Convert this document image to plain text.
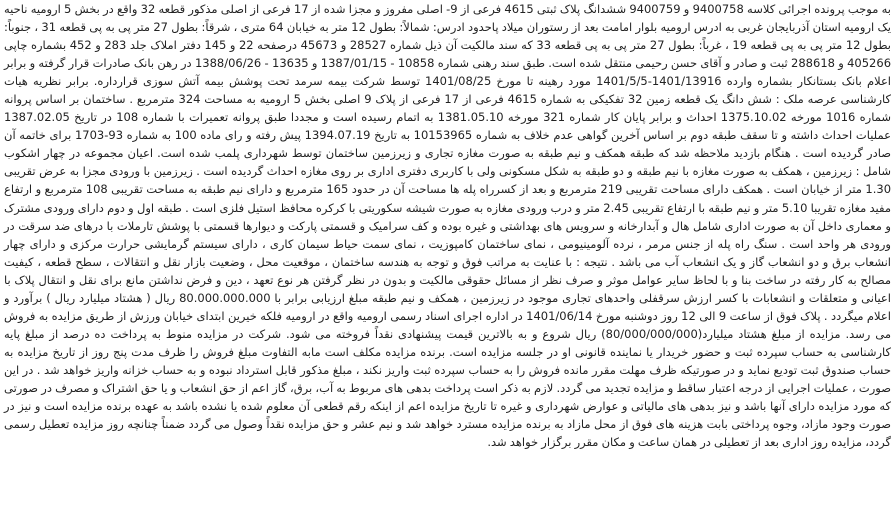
به موجب پرونده اجرائی کلاسه 9400758 و 9400759 ششدانگ پلاک ثبتی 4615 فرعی از 9- اصلی مفروز و مجزا شده از 17 فرعی از اصلی مذکور قطعه 32 واقع در بخش 5 ارومیه ناحیه یک ارومیه استان آذربایجان غربی به ادرس ارومیه بلوار امامت بعد از رستوران میلاد پاحدود ادرس: شمالاً: بطول 12 متر به خیابان 64 متری ، شرقاً: بطول 27 متر پی به پی قطعه 31 ، جنوباً: بطول 12 متر پی به پی قطعه 19 ، غرباً: بطول 27 متر پی به پی قطعه 33 که سند مالکیت آن ذیل شماره 28527 و 45673 درصفحه 22 و 145 دفتر املاک جلد 283 و 452 بشماره چاپی 405266 و 288618 ثبت و صادر و آقای حسن رحیمی منتقل شده است. طبق سند رهنی شماره 10858 - 1387/01/15 و 13635 - 1388/06/26 در رهن بانک صادرات قرار گرفته و برابر اعلام بانک بستانکار بشماره وارده 1401/13916-1401/5/5 مورد رهینه تا مورخ 1401/08/25 توسط شرکت بیمه سرمد تحت پوشش بیمه آتش سوزی قرارداره. برابر نظریه هیات کارشناسی عرصه ملک : شش دانگ یک قطعه زمین 32 تفکیکی به شماره 4615 فرعی از 17 فرعی از پلاک 9 اصلی بخش 5 ارومیه به مساحت 324 مترمربع . ساختمان بر اساس پروانه شماره 1016 مورخه 1375.10.02 احداث و برابر پایان کار شماره 321 مورخه 1381.05.10 به اتمام رسیده است و مجددا طبق پروانه تعمیرات با شماره 108 در تاریخ 1387.02.05 عملیات احداث داشته و تا سقف طبقه دوم بر اساس آخرین گواهی عدم خلاف به شماره 10153965 به تاریخ 1394.07.19 پیش رفته و رای ماده 100 به شماره 93-1703 برای خاتمه آن صادر گردیده است . هنگام بازدید ملاحظه شد که طبقه همکف و نیم طبقه به صورت مغازه تجاری و زیرزمین ساختمان توسط شهرداری پلمب شده است. اعیان مجموعه در چهار اشکوب شامل : زیرزمین ، همکف به صورت مغازه با نیم طبقه و دو طبقه به شکل مسکونی ولی با کاربری دفتری اداری بر روی مغازه احداث گردیده است . زیرزمین با ورودی مجزا به عرض تقریبی 1.30 متر از خیابان است . همکف دارای مساحت تقریبی 219 مترمربع و بعد از کسرراه پله ها مساحت آن در حدود 165 مترمربع و دارای نیم طبقه به مساحت تقریبی 108 مترمربع و ارتفاع مفید مغازه تقریبا 5.10 متر و نیم طبقه با ارتفاع تقریبی 2.45 متر و درب ورودی مغازه به صورت شیشه سکوریتی با کرکره محافظ استیل فلزی است . طبقه اول و دوم دارای ورودی مشترک و معماری داخل آن به صورت اداری شامل هال و آبدارخانه و سرویس های بهداشتی و غیره بوده و کف سرامیک و قسمتی پارکت و دیوارها قسمتی با پوشش تارملات با درهای ضد سرقت در ورودی هر واحد است . سنگ راه پله از جنس مرمر ، نرده آلومینیومی ، نمای ساختمان کامپوزیت ، نمای سمت حیاط سیمان کاری ، دارای سیستم گرمایشی حرارت مرکزی و دارای چهار انشعاب برق و دو انشعاب گاز و یک انشعاب آب می باشد . نتیجه : با عنایت به مراتب فوق و توجه به هندسه ساختمان ، موقعیت محل ، وضعیت بازار نقل و انتقالات ، سطح قطعه ، کیفیت مصالح به کار رفته در ساخت بنا و با لحاظ سایر عوامل موثر و صرف نظر از مسائل حقوقی مالکیت و بدون در نظر گرفتن هر نوع تعهد ، دین و فرض نداشتن مانع برای نقل و انتقال پلاک با اعیانی و متعلقات و انشعابات با کسر ارزش سرقفلی واحدهای تجاری موجود در زیرزمین ، همکف و نیم طبقه مبلغ ارزیابی برابر با 80.000.000.000 ریال ( هشتاد میلیارد ریال ) برآورد و اعلام میگردد . پلاک فوق از ساعت 9 الی 12 روز دوشنبه مورخ 1401/06/14 در اداره اجرای اسناد رسمی ارومیه واقع در ارومیه فلکه خیرین ابتدای خیابان ورزش از طریق مزایده به فروش می رسد. مزایده از مبلغ هشتاد میلیارد(80/000/000/000) ریال شروع و به بالاترین قیمت پیشنهادی نقداً فروخته می شود. شرکت در مزایده منوط به پرداخت ده درصد از مبلغ پایه کارشناسی به حساب سپرده ثبت و حضور خریدار یا نماینده قانونی او در جلسه مزایده است. برنده مزایده مکلف است مابه التفاوت مبلغ فروش را ظرف مدت پنج روز از تاریخ مزایده به حساب صندوق ثبت تودیع نماید و در صورتیکه ظرف مهلت مقرر مانده فروش را به حساب سپرده ثبت واریز نکند ، مبلغ مذکور قابل استرداد نبوده و به حساب خزانه واریز خواهد شد . در این صورت ، عملیات اجرایی از درجه اعتبار ساقط و مزایده تجدید می گردد. لازم به ذکر است پرداخت بدهی های مربوط به آب، برق، گاز اعم از حق انشعاب و یا حق اشتراک و مصرف در صورتی که مورد مزایده دارای آنها باشد و نیز بدهی های مالیاتی و عوارض شهرداری و غیره تا تاریخ مزایده اعم از اینکه رقم قطعی آن معلوم شده یا نشده باشد به عهده برنده مزایده است و نیز در صورت وجود مازاد، وجوه پرداختی بابت هزینه های فوق از محل مازاد به برنده مزایده مسترد خواهد شد و نیم عشر و حق مزایده نقداً وصول می گردد ضمناً چنانچه روز مزایده تعطیل رسمی گردد، مزایده روز اداری بعد از تعطیلی در همان ساعت و مکان مقرر برگزار خواهد شد.
